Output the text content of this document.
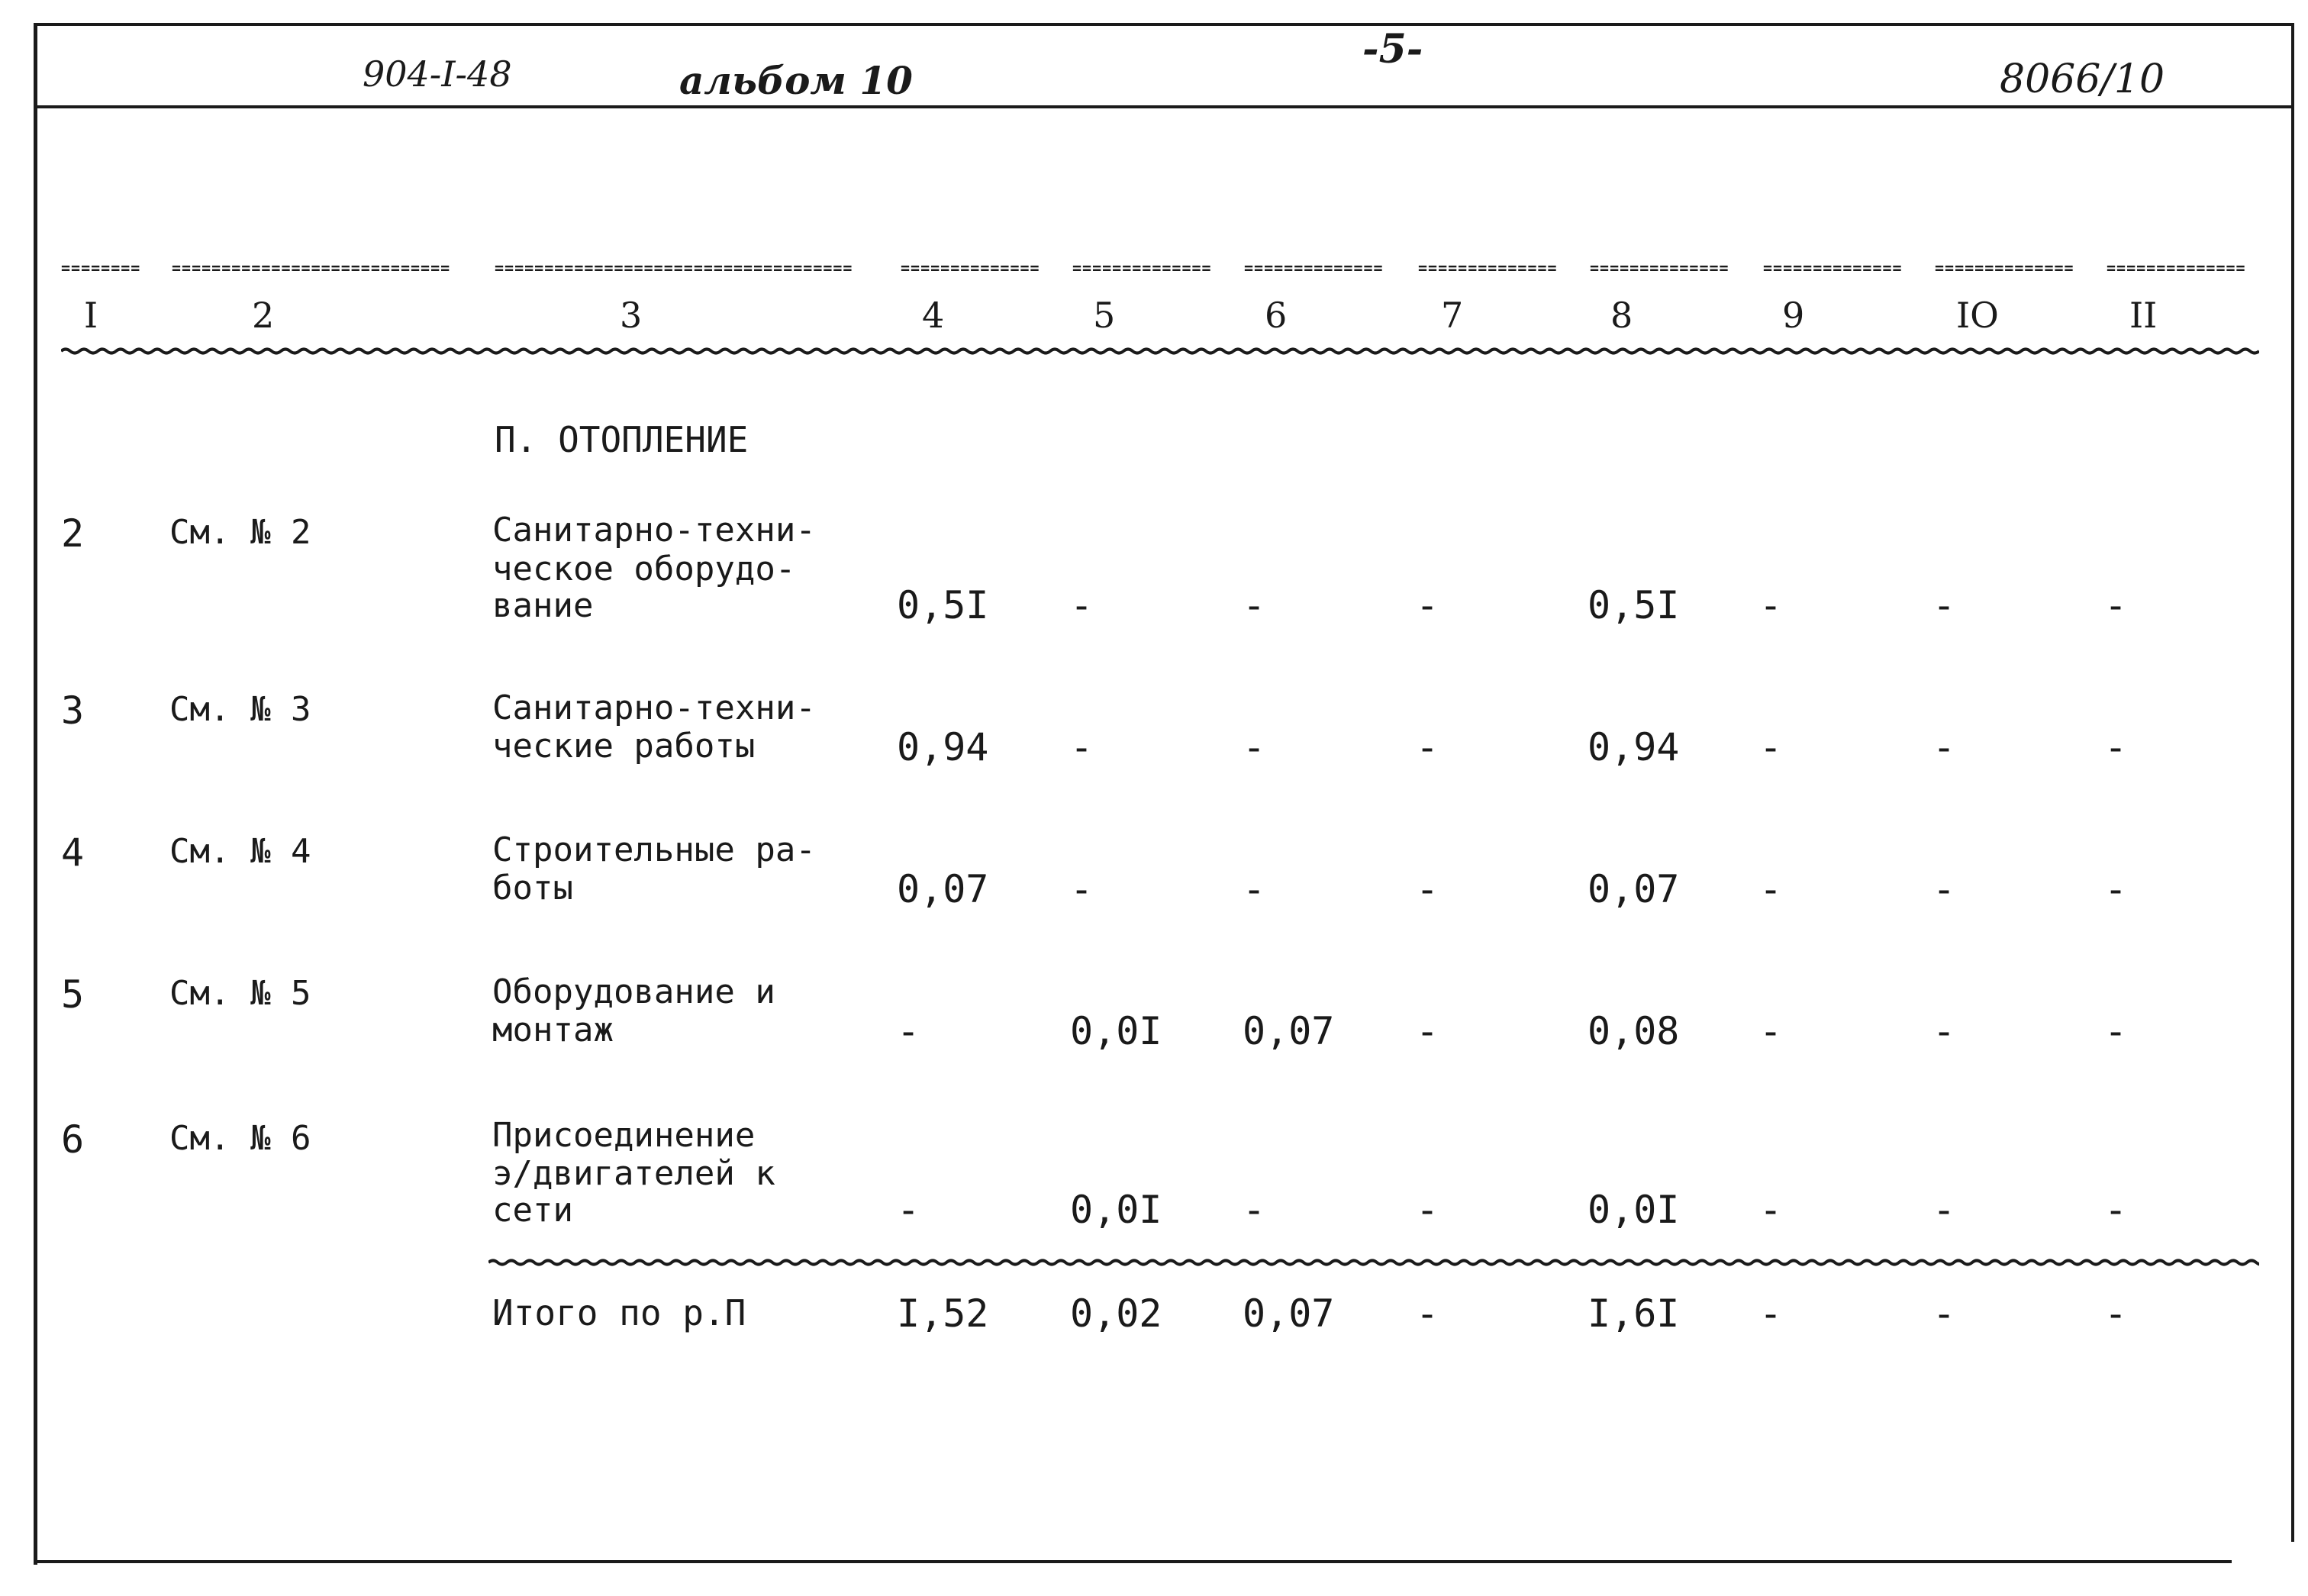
904-I-48	альбом 10
-5-
8066/10
======== ============================	====================================	==============	==============	==============	==============	==============	==============	==============	==============
I	2	3	4	5	6	7	8	9	IO	II
П. ОТОПЛЕНИЕ
2	См. № 2	Санитарно-техни-
ческое оборудо-
вание	0,5I -	-	-	0,5I -	-	-
3	См. № 3	Санитарно-техни-
ческие работы	0,94 -	-	-	0,94 -	-	-
4	См. № 4	Строительные ра-
боты	0,07 -	-	-	0,07 -	-	-
5	См. № 5	Оборудование и
монтаж	-	0,0I 0,07 -	0,08 -	-	-
6	См. № 6	Присоединение
э/двигателей к
сети	-	0,0I -	-	0,0I -	-	-
Итого по р.П	I,52 0,02 0,07 -	I,6I -	-	-
